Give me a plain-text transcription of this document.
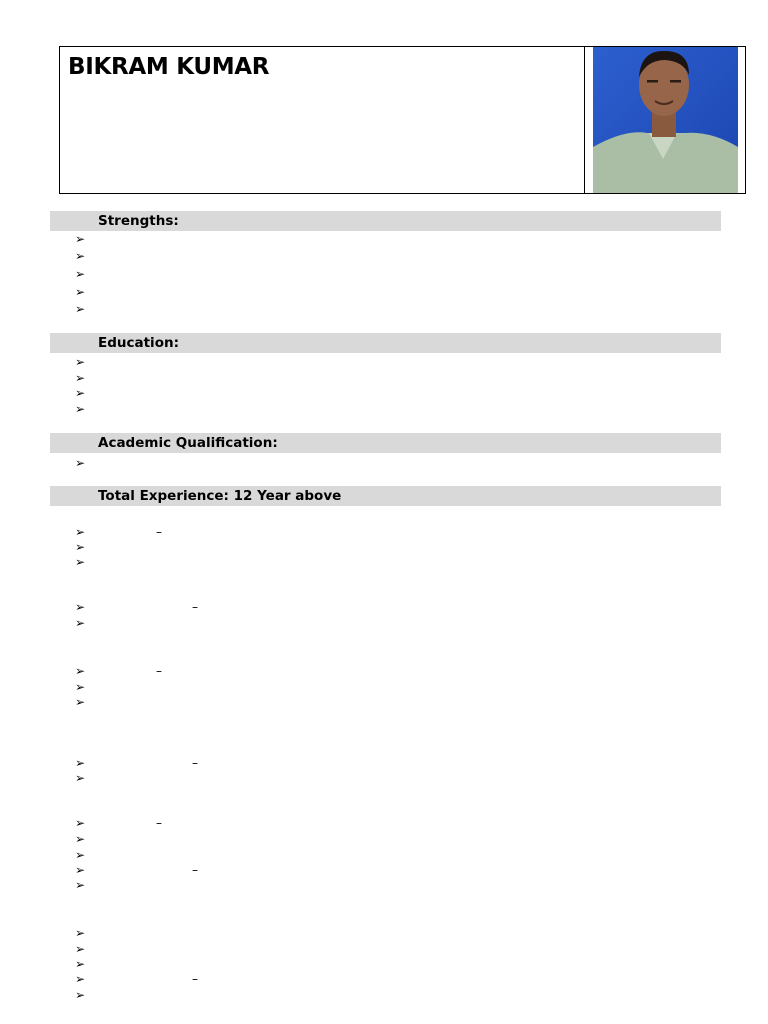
BIKRAM KUMAR
Strengths:
➢
➢
➢
➢
➢
Education:
➢
➢
➢
➢
Academic Qualification:
➢
Total Experience: 12 Year above
➢	–
➢
➢
➢	–
➢
➢	–
➢
➢
➢	–
➢
➢	–
➢
➢
➢	–
➢
➢
➢
➢
➢	–
➢
